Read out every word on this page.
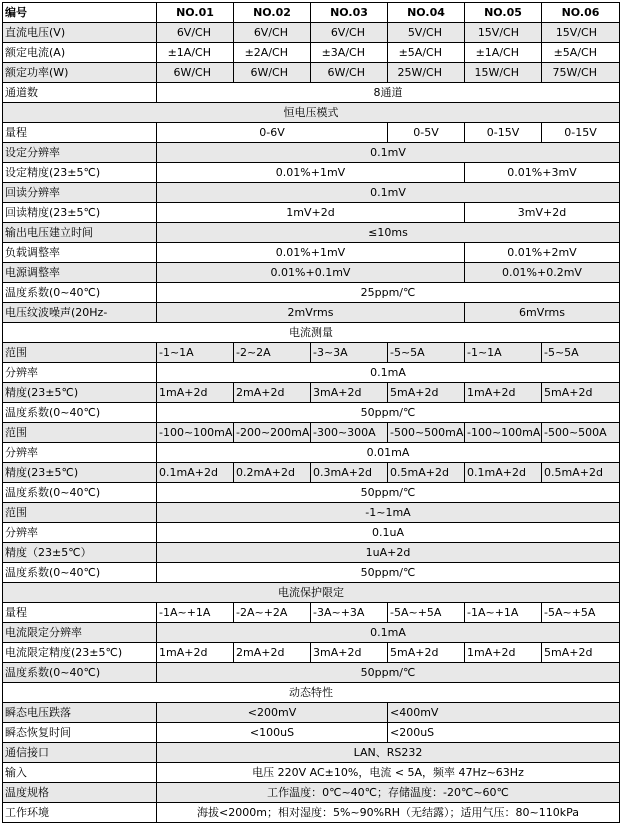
编号	NO.01	NO.02	NO.03	NO.04	NO.05	NO.06
直流电压(V)	6V/CH	6V/CH	6V/CH	5V/CH	15V/CH	15V/CH
额定电流(A)	±1A/CH	±2A/CH	±3A/CH	±5A/CH	±1A/CH	±5A/CH
额定功率(W)	6W/CH	6W/CH	6W/CH	25W/CH	15W/CH	75W/CH
通道数	8通道					
恒电压模式						
量程	0-6V			0-5V	0-15V	0-15V
设定分辨率	0.1mV					
设定精度(23±5℃)	0.01%+1mV				0.01%+3mV	
回读分辨率	0.1mV					
回读精度(23±5℃)	1mV+2d				3mV+2d	
输出电压建立时间	≤10ms					
负载调整率	0.01%+1mV				0.01%+2mV	
电源调整率	0.01%+0.1mV				0.01%+0.2mV	
温度系数(0~40℃)	25ppm/℃					
电压纹波噪声(20Hz-	2mVrms				6mVrms	
电流测量						
范围	-1~1A	-2~2A	-3~3A	-5~5A	-1~1A	-5~5A
分辨率	0.1mA					
精度(23±5℃)	1mA+2d	2mA+2d	3mA+2d	5mA+2d	1mA+2d	5mA+2d
温度系数(0~40℃)	50ppm/℃					
范围	-100~100mA	-200~200mA	-300~300A	-500~500mA	-100~100mA	-500~500A
分辨率	0.01mA					
精度(23±5℃)	0.1mA+2d	0.2mA+2d	0.3mA+2d	0.5mA+2d	0.1mA+2d	0.5mA+2d
温度系数(0~40℃)	50ppm/℃					
范围	-1~1mA					
分辨率	0.1uA					
精度（23±5℃）	1uA+2d					
温度系数(0~40℃)	50ppm/℃					
电流保护限定						
量程	-1A~+1A	-2A~+2A	-3A~+3A	-5A~+5A	-1A~+1A	-5A~+5A
电流限定分辨率	0.1mA					
电流限定精度(23±5℃)	1mA+2d	2mA+2d	3mA+2d	5mA+2d	1mA+2d	5mA+2d
温度系数(0~40℃)	50ppm/℃					
动态特性						
瞬态电压跌落	<200mV			<400mV		
瞬态恢复时间	<100uS			<200uS		
通信接口	LAN、RS232					
输入	电压 220V AC±10%，电流 < 5A，频率 47Hz~63Hz					
温度规格	工作温度：0℃~40℃；存储温度：-20℃~60℃					
工作环境	海拔<2000m；相对湿度：5%~90%RH（无结露）；适用气压：80~110kPa					
